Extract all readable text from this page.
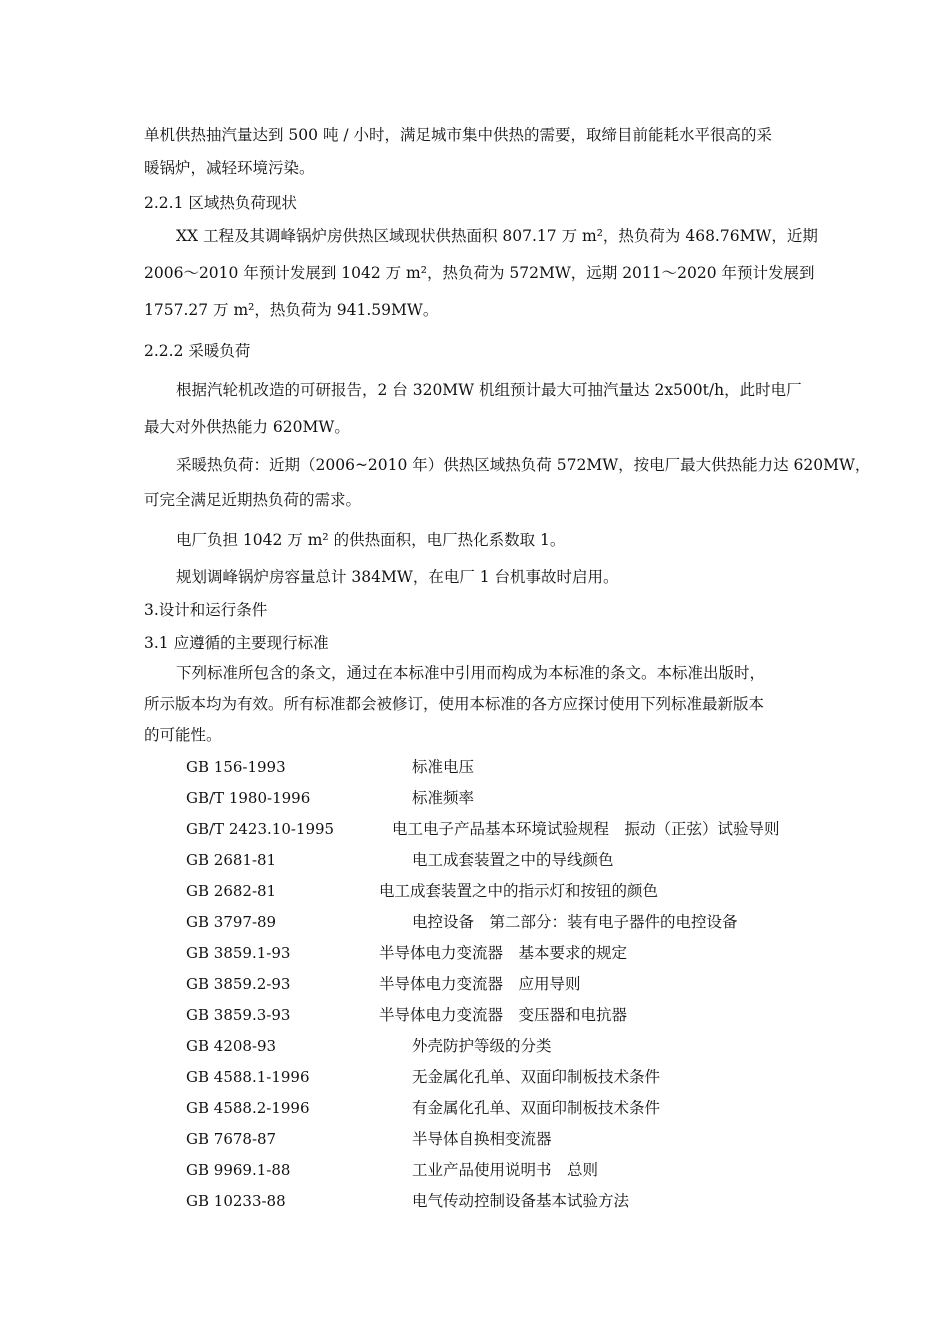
单机供热抽汽量达到 500 吨 / 小时，满足城市集中供热的需要，取缔目前能耗水平很高的采
暖锅炉，减轻环境污染。
2.2.1 区域热负荷现状
XX 工程及其调峰锅炉房供热区域现状供热面积 807.17 万 m²，热负荷为 468.76MW，近期
2006～2010 年预计发展到 1042 万 m²，热负荷为 572MW，远期 2011～2020 年预计发展到
1757.27 万 m²，热负荷为 941.59MW。
2.2.2 采暖负荷
根据汽轮机改造的可研报告，2 台 320MW 机组预计最大可抽汽量达 2x500t/h，此时电厂
最大对外供热能力 620MW。
采暖热负荷：近期（2006~2010 年）供热区域热负荷 572MW，按电厂最大供热能力达 620MW，
可完全满足近期热负荷的需求。
电厂负担 1042 万 m² 的供热面积，电厂热化系数取 1。
规划调峰锅炉房容量总计 384MW，在电厂 1 台机事故时启用。
3.设计和运行条件
3.1 应遵循的主要现行标准
下列标准所包含的条文，通过在本标准中引用而构成为本标准的条文。本标准出版时，
所示版本均为有效。所有标准都会被修订，使用本标准的各方应探讨使用下列标准最新版本
的可能性。
GB 156-1993	标准电压
GB/T 1980-1996	标准频率
GB/T 2423.10-1995	电工电子产品基本环境试验规程　振动（正弦）试验导则
GB 2681-81	电工成套装置之中的导线颜色
GB 2682-81	电工成套装置之中的指示灯和按钮的颜色
GB 3797-89	电控设备　第二部分：装有电子器件的电控设备
GB 3859.1-93	半导体电力变流器　基本要求的规定
GB 3859.2-93	半导体电力变流器　应用导则
GB 3859.3-93	半导体电力变流器　变压器和电抗器
GB 4208-93	外壳防护等级的分类
GB 4588.1-1996	无金属化孔单、双面印制板技术条件
GB 4588.2-1996	有金属化孔单、双面印制板技术条件
GB 7678-87	半导体自换相变流器
GB 9969.1-88	工业产品使用说明书　总则
GB 10233-88	电气传动控制设备基本试验方法
